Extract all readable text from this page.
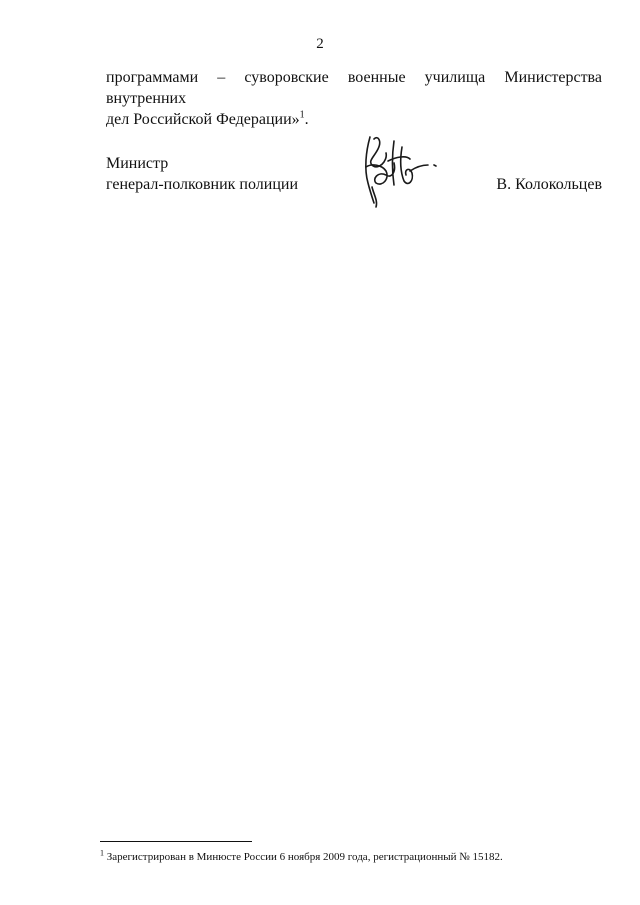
2
программами – суворовские военные училища Министерства внутренних
дел Российской Федерации»$^1$.
Министр
генерал-полковник полиции	В. Колокольцев
$^1$ Зарегистрирован в Минюсте России 6 ноября 2009 года, регистрационный № 15182.
